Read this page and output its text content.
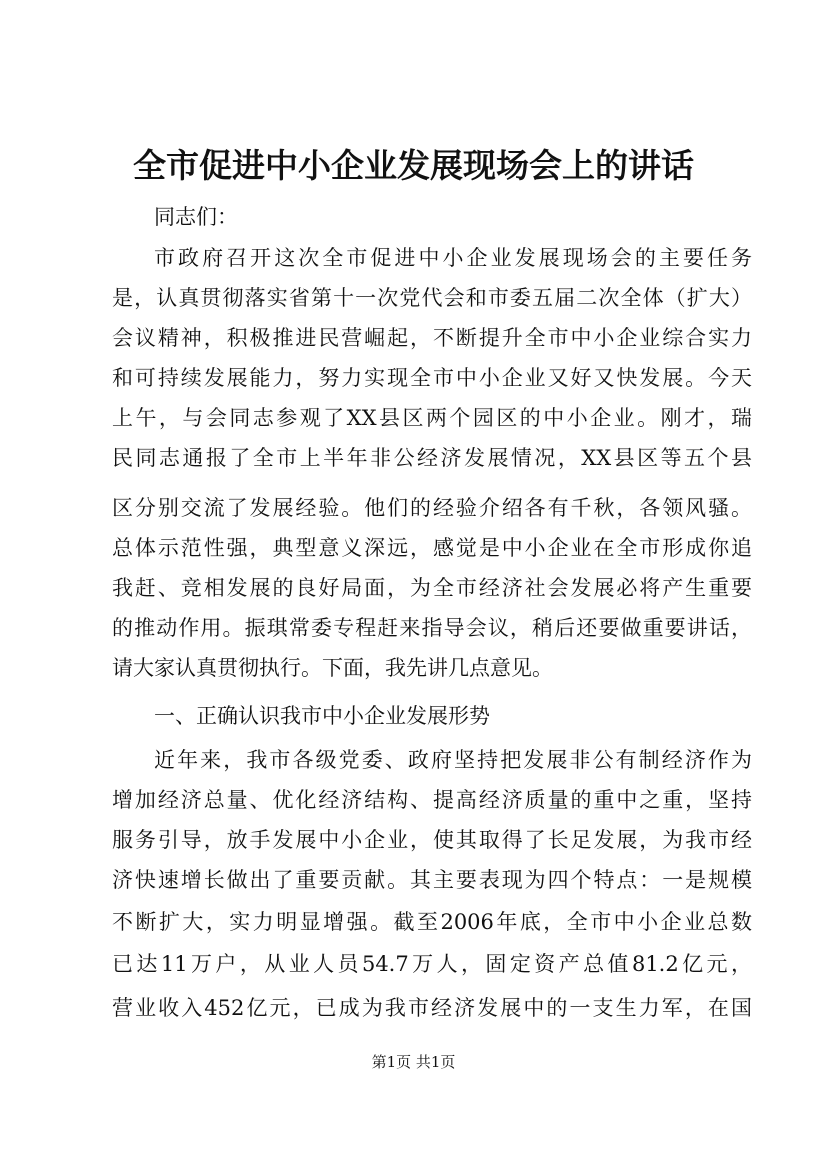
全市促进中小企业发展现场会上的讲话
同志们：
市政府召开这次全市促进中小企业发展现场会的主要任务
是，认真贯彻落实省第十一次党代会和市委五届二次全体（扩大）
会议精神，积极推进民营崛起，不断提升全市中小企业综合实力
和可持续发展能力，努力实现全市中小企业又好又快发展。今天
上午，与会同志参观了XX县区两个园区的中小企业。刚才，瑞
民同志通报了全市上半年非公经济发展情况，XX县区等五个县
区分别交流了发展经验。他们的经验介绍各有千秋，各领风骚。
总体示范性强，典型意义深远，感觉是中小企业在全市形成你追
我赶、竞相发展的良好局面，为全市经济社会发展必将产生重要
的推动作用。振琪常委专程赶来指导会议，稍后还要做重要讲话，
请大家认真贯彻执行。下面，我先讲几点意见。
一、正确认识我市中小企业发展形势
近年来，我市各级党委、政府坚持把发展非公有制经济作为
增加经济总量、优化经济结构、提高经济质量的重中之重，坚持
服务引导，放手发展中小企业，使其取得了长足发展，为我市经
济快速增长做出了重要贡献。其主要表现为四个特点：一是规模
不断扩大，实力明显增强。截至2006年底，全市中小企业总数
已达11万户，从业人员54.7万人，固定资产总值81.2亿元，
营业收入452亿元，已成为我市经济发展中的一支生力军，在国
第1页 共1页
